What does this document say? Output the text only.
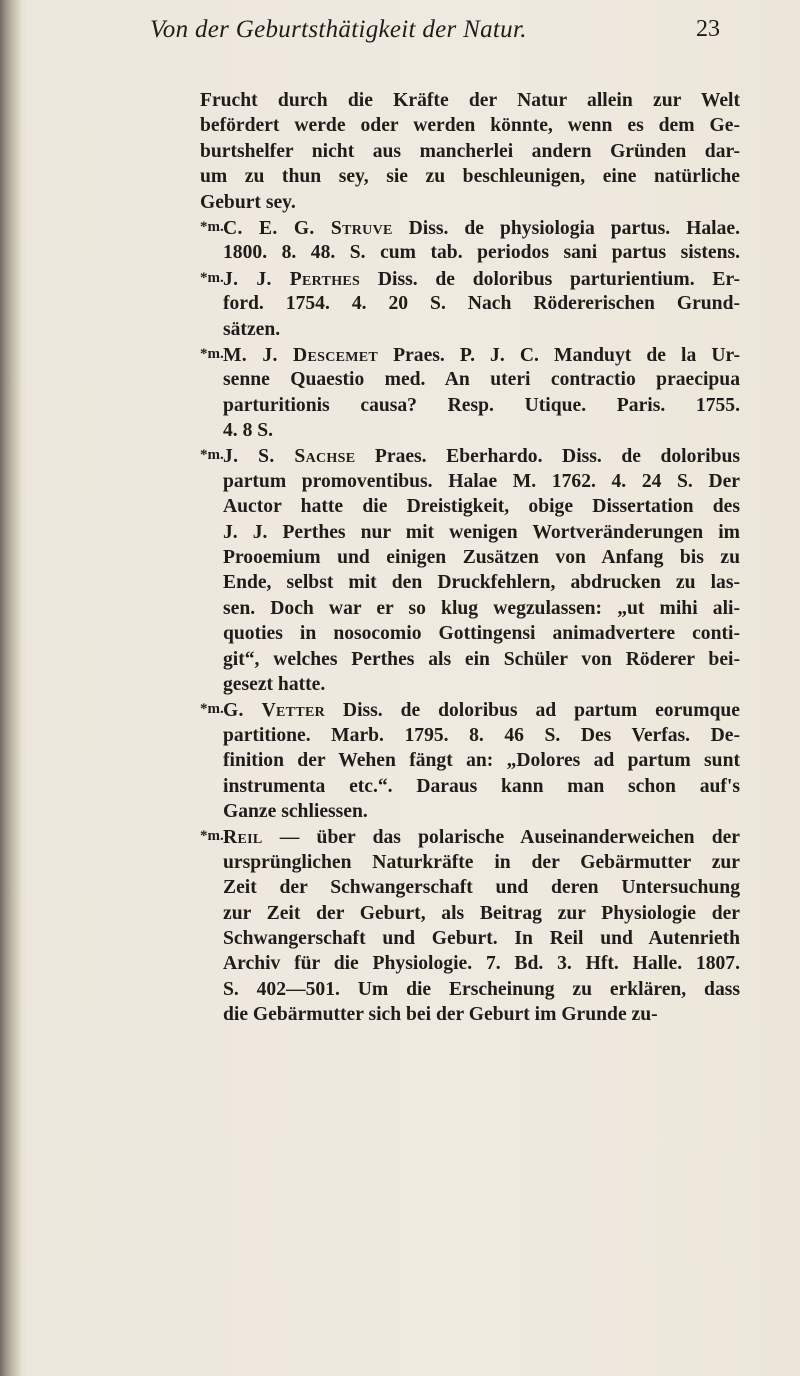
Von der Geburtsthätigkeit der Natur.	23
Frucht durch die Kräfte der Natur allein zur Welt
befördert werde oder werden könnte, wenn es dem Ge-
burtshelfer nicht aus mancherlei andern Gründen dar-
um zu thun sey, sie zu beschleunigen, eine natürliche
Geburt sey.
*m.C. E. G. Struve Diss. de physiologia partus. Halae.
1800. 8. 48. S. cum tab. periodos sani partus sistens.
*m.J. J. Perthes Diss. de doloribus parturientium. Er-
ford. 1754. 4. 20 S. Nach Rödererischen Grund-
sätzen.
*m.M. J. Descemet Praes. P. J. C. Manduyt de la Ur-
senne Quaestio med. An uteri contractio praecipua
parturitionis causa? Resp. Utique. Paris. 1755.
4. 8 S.
*m.J. S. Sachse Praes. Eberhardo. Diss. de doloribus
partum promoventibus. Halae M. 1762. 4. 24 S. Der
Auctor hatte die Dreistigkeit, obige Dissertation des
J. J. Perthes nur mit wenigen Wortveränderungen im
Prooemium und einigen Zusätzen von Anfang bis zu
Ende, selbst mit den Druckfehlern, abdrucken zu las-
sen. Doch war er so klug wegzulassen: „ut mihi ali-
quoties in nosocomio Gottingensi animadvertere conti-
git“, welches Perthes als ein Schüler von Röderer bei-
gesezt hatte.
*m.G. Vetter Diss. de doloribus ad partum eorumque
partitione. Marb. 1795. 8. 46 S. Des Verfas. De-
finition der Wehen fängt an: „Dolores ad partum sunt
instrumenta etc.“. Daraus kann man schon auf's
Ganze schliessen.
*m.Reil — über das polarische Auseinanderweichen der
ursprünglichen Naturkräfte in der Gebärmutter zur
Zeit der Schwangerschaft und deren Untersuchung
zur Zeit der Geburt, als Beitrag zur Physiologie der
Schwangerschaft und Geburt. In Reil und Autenrieth
Archiv für die Physiologie. 7. Bd. 3. Hft. Halle. 1807.
S. 402—501. Um die Erscheinung zu erklären, dass
die Gebärmutter sich bei der Geburt im Grunde zu-
